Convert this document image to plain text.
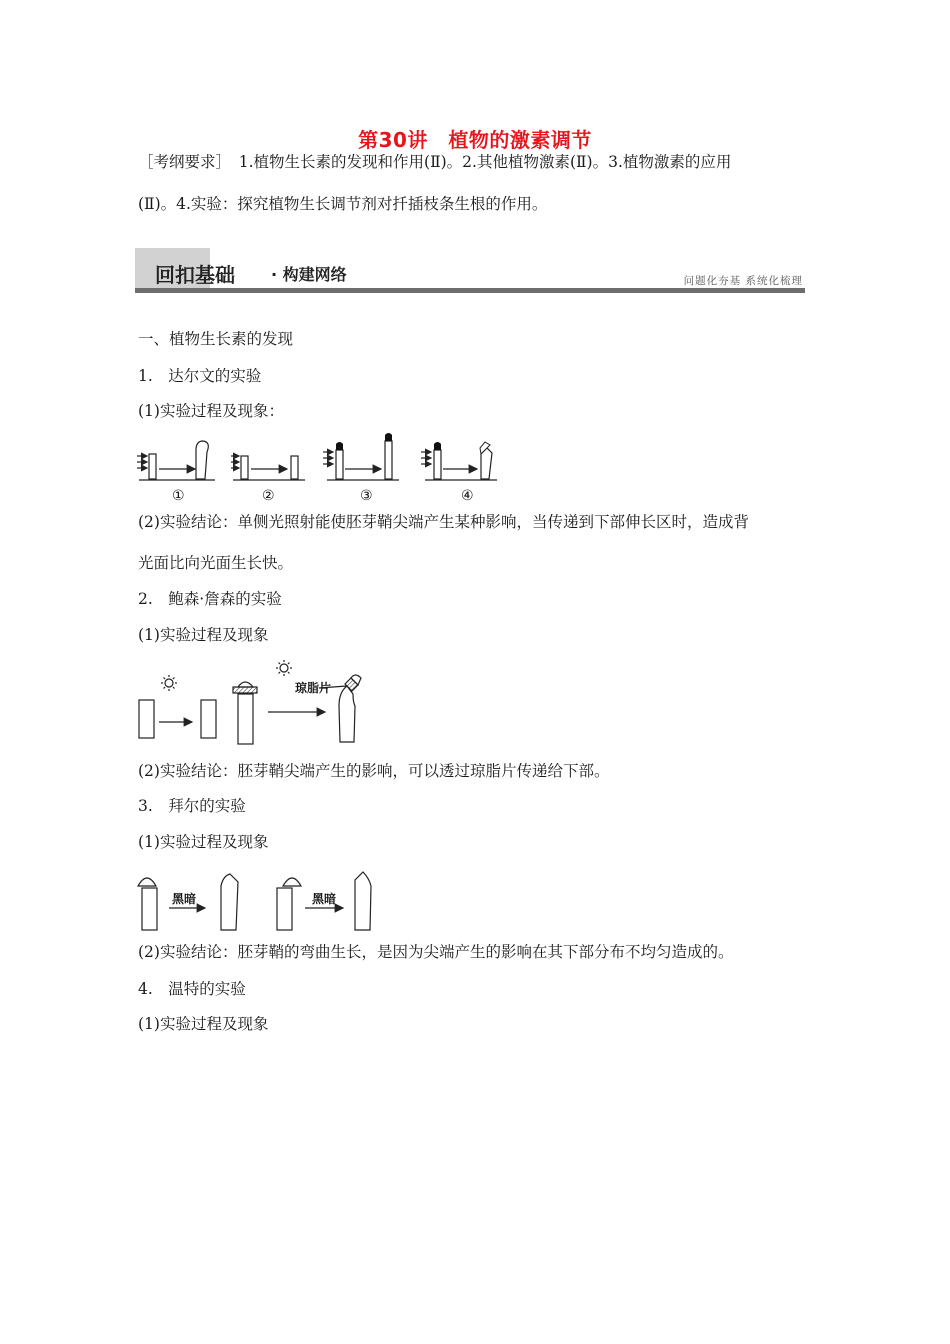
第30讲　植物的激素调节
［考纲要求］　1.植物生长素的发现和作用(Ⅱ)。2.其他植物激素(Ⅱ)。3.植物激素的应用
(Ⅱ)。4.实验：探究植物生长调节剂对扦插枝条生根的作用。
回扣基础 · 构建网络	问题化夯基 系统化梳理
一、植物生长素的发现
1.　达尔文的实验
(1)实验过程及现象：
①	②	③	④
(2)实验结论：单侧光照射能使胚芽鞘尖端产生某种影响，当传递到下部伸长区时，造成背
光面比向光面生长快。
2.　鲍森·詹森的实验
(1)实验过程及现象
琼脂片
(2)实验结论：胚芽鞘尖端产生的影响，可以透过琼脂片传递给下部。
3.　拜尔的实验
(1)实验过程及现象
黑暗	黑暗
(2)实验结论：胚芽鞘的弯曲生长，是因为尖端产生的影响在其下部分布不均匀造成的。
4.　温特的实验
(1)实验过程及现象
